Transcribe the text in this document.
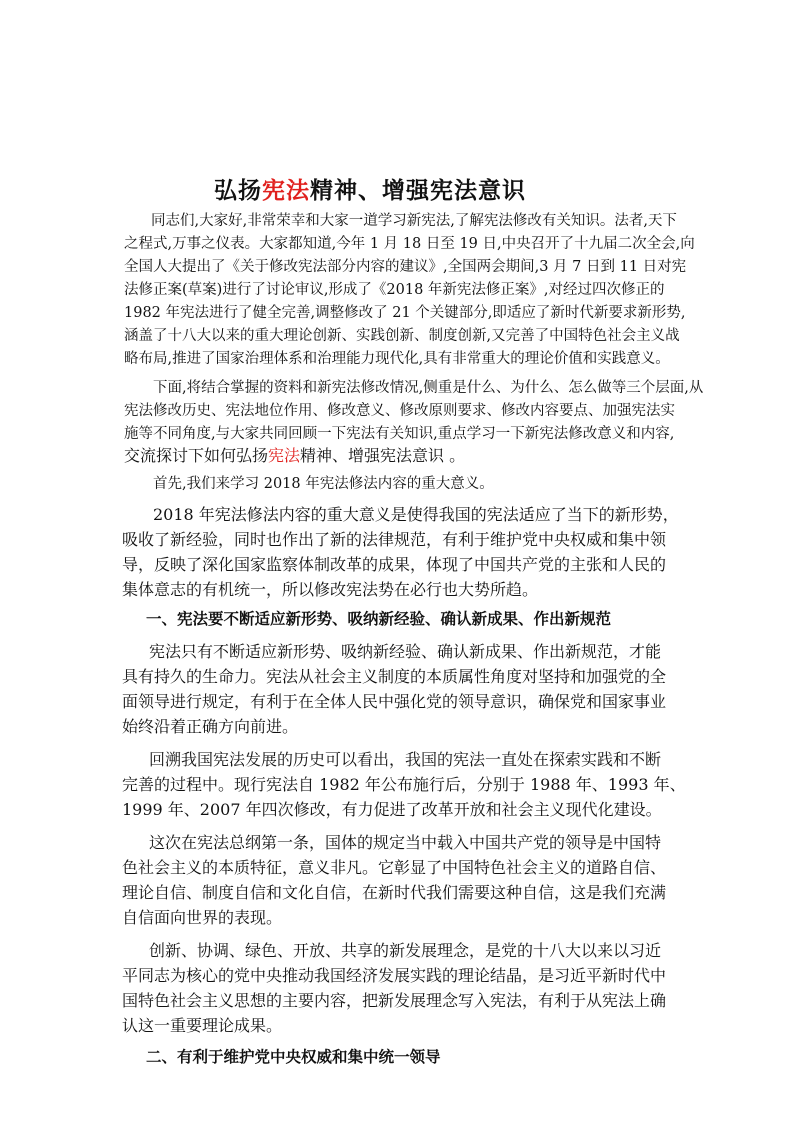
弘扬宪法精神、增强宪法意识
同志们,大家好,非常荣幸和大家一道学习新宪法,了解宪法修改有关知识。法者,天下
之程式,万事之仪表。大家都知道,今年 1 月 18 日至 19 日,中央召开了十九届二次全会,向
全国人大提出了《关于修改宪法部分内容的建议》,全国两会期间,3 月 7 日到 11 日对宪
法修正案(草案)进行了讨论审议,形成了《2018 年新宪法修正案》,对经过四次修正的
1982 年宪法进行了健全完善,调整修改了 21 个关键部分,即适应了新时代新要求新形势,
涵盖了十八大以来的重大理论创新、实践创新、制度创新,又完善了中国特色社会主义战
略布局,推进了国家治理体系和治理能力现代化,具有非常重大的理论价值和实践意义。
下面,将结合掌握的资料和新宪法修改情况,侧重是什么、为什么、怎么做等三个层面,从
宪法修改历史、宪法地位作用、修改意义、修改原则要求、修改内容要点、加强宪法实
施等不同角度,与大家共同回顾一下宪法有关知识,重点学习一下新宪法修改意义和内容,
交流探讨下如何弘扬宪法精神、增强宪法意识 。
首先,我们来学习 2018 年宪法修法内容的重大意义。
2018 年宪法修法内容的重大意义是使得我国的宪法适应了当下的新形势，
吸收了新经验，同时也作出了新的法律规范，有利于维护党中央权威和集中领
导，反映了深化国家监察体制改革的成果，体现了中国共产党的主张和人民的
集体意志的有机统一，所以修改宪法势在必行也大势所趋。
一、宪法要不断适应新形势、吸纳新经验、确认新成果、作出新规范
宪法只有不断适应新形势、吸纳新经验、确认新成果、作出新规范，才能
具有持久的生命力。宪法从社会主义制度的本质属性角度对坚持和加强党的全
面领导进行规定，有利于在全体人民中强化党的领导意识，确保党和国家事业
始终沿着正确方向前进。
回溯我国宪法发展的历史可以看出，我国的宪法一直处在探索实践和不断
完善的过程中。现行宪法自 1982 年公布施行后，分别于 1988 年、1993 年、
1999 年、2007 年四次修改，有力促进了改革开放和社会主义现代化建设。
这次在宪法总纲第一条，国体的规定当中载入中国共产党的领导是中国特
色社会主义的本质特征，意义非凡。它彰显了中国特色社会主义的道路自信、
理论自信、制度自信和文化自信，在新时代我们需要这种自信，这是我们充满
自信面向世界的表现。
创新、协调、绿色、开放、共享的新发展理念，是党的十八大以来以习近
平同志为核心的党中央推动我国经济发展实践的理论结晶，是习近平新时代中
国特色社会主义思想的主要内容，把新发展理念写入宪法，有利于从宪法上确
认这一重要理论成果。
二、有利于维护党中央权威和集中统一领导
